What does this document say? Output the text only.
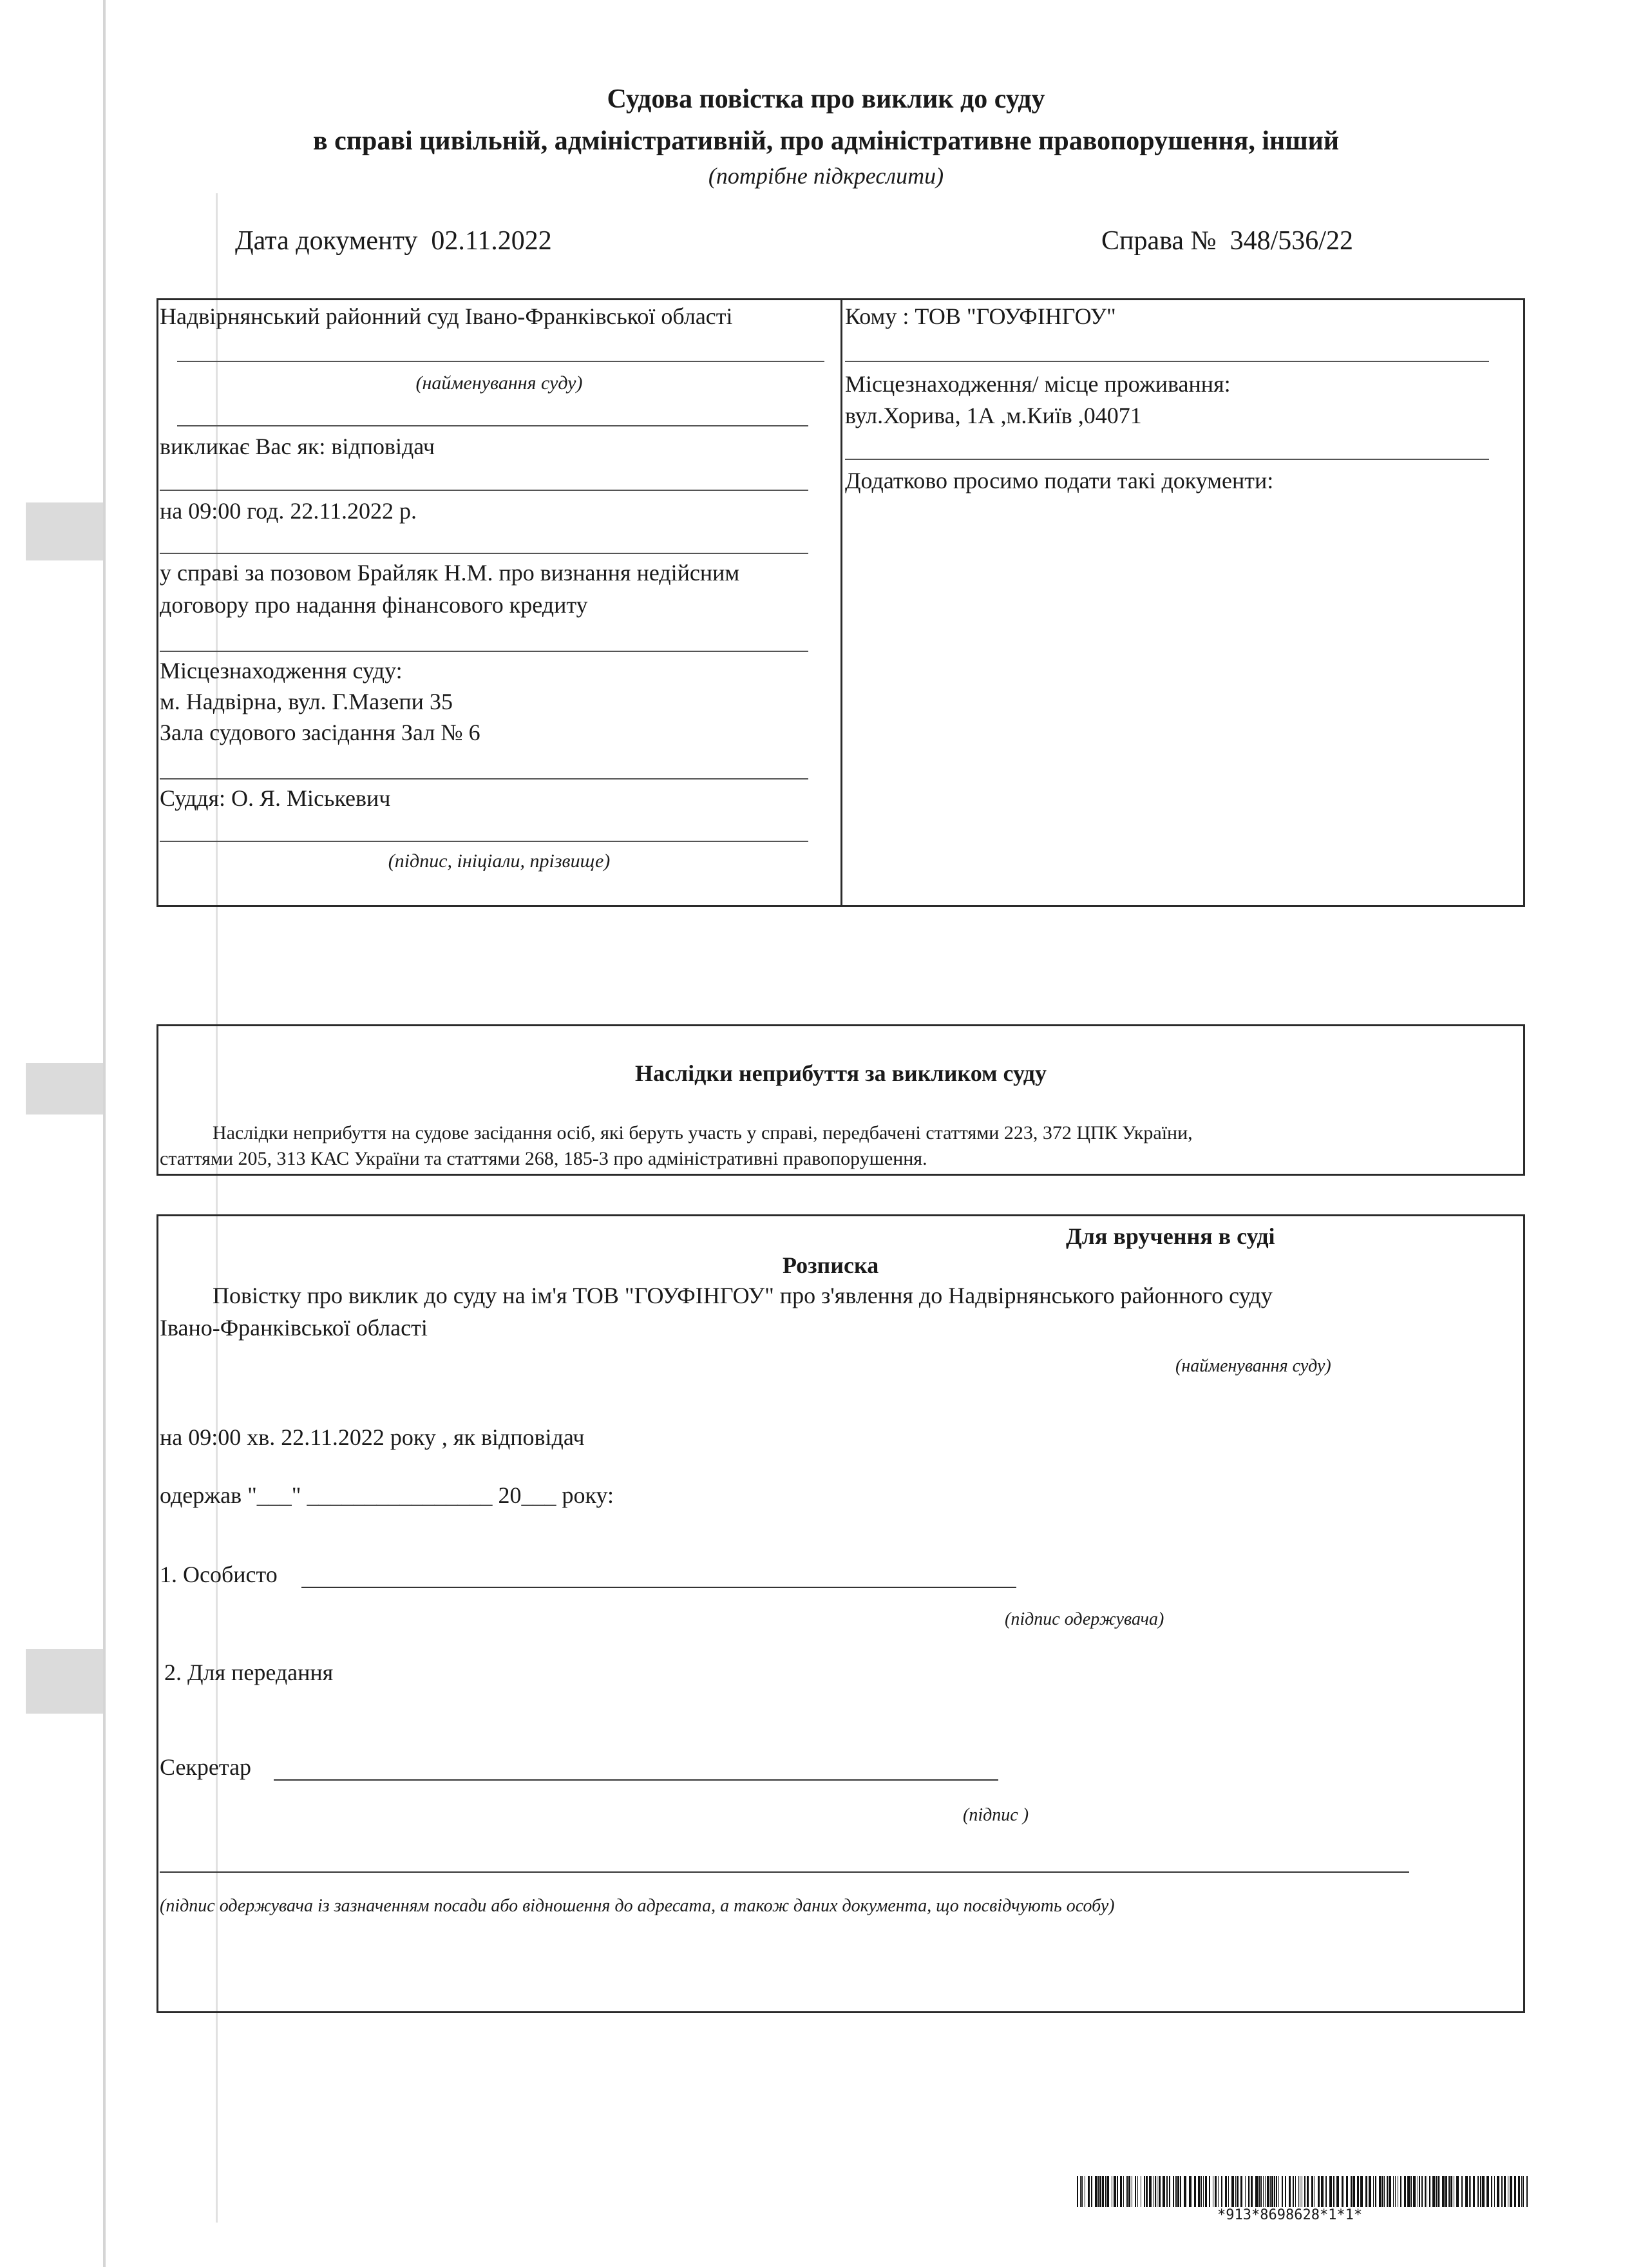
Судова повістка про виклик до суду
в справі цивільній, адміністративній, про адміністративне правопорушення, інший
(потрібне підкреслити)
Дата документу 02.11.2022	Справа № 348/536/22
Надвірнянський районний суд Івано-Франківської області
(найменування суду)
викликає Вас як: відповідач
на 09:00 год. 22.11.2022 р.
у справі за позовом Брайляк Н.М. про визнання недійсним
договору про надання фінансового кредиту
Місцезнаходження суду:
м. Надвірна, вул. Г.Мазепи 35
Зала судового засідання Зал № 6
Суддя: О. Я. Міськевич
(підпис, ініціали, прізвище)
Кому : ТОВ "ГОУФІНГОУ"
Місцезнаходження/ місце проживання:
вул.Хорива, 1А ,м.Київ ,04071
Додатково просимо подати такі документи:
Наслідки неприбуття за викликом суду
Наслідки неприбуття на судове засідання осіб, які беруть участь у справі, передбачені статтями 223, 372 ЦПК України,
статтями 205, 313 КАС України та статтями 268, 185-3 про адміністративні правопорушення.
Для вручення в суді
Розписка
Повістку про виклик до суду на ім'я ТОВ "ГОУФІНГОУ" про з'явлення до Надвірнянського районного суду
Івано-Франківської області
(найменування суду)
на 09:00 хв. 22.11.2022 року , як відповідач
одержав "___" ________________ 20___ року:
1. Особисто
(підпис одержувача)
2. Для передання
Секретар
(підпис )
(підпис одержувача із зазначенням посади або відношення до адресата, а також даних документа, що посвідчують особу)
*913*8698628*1*1*
